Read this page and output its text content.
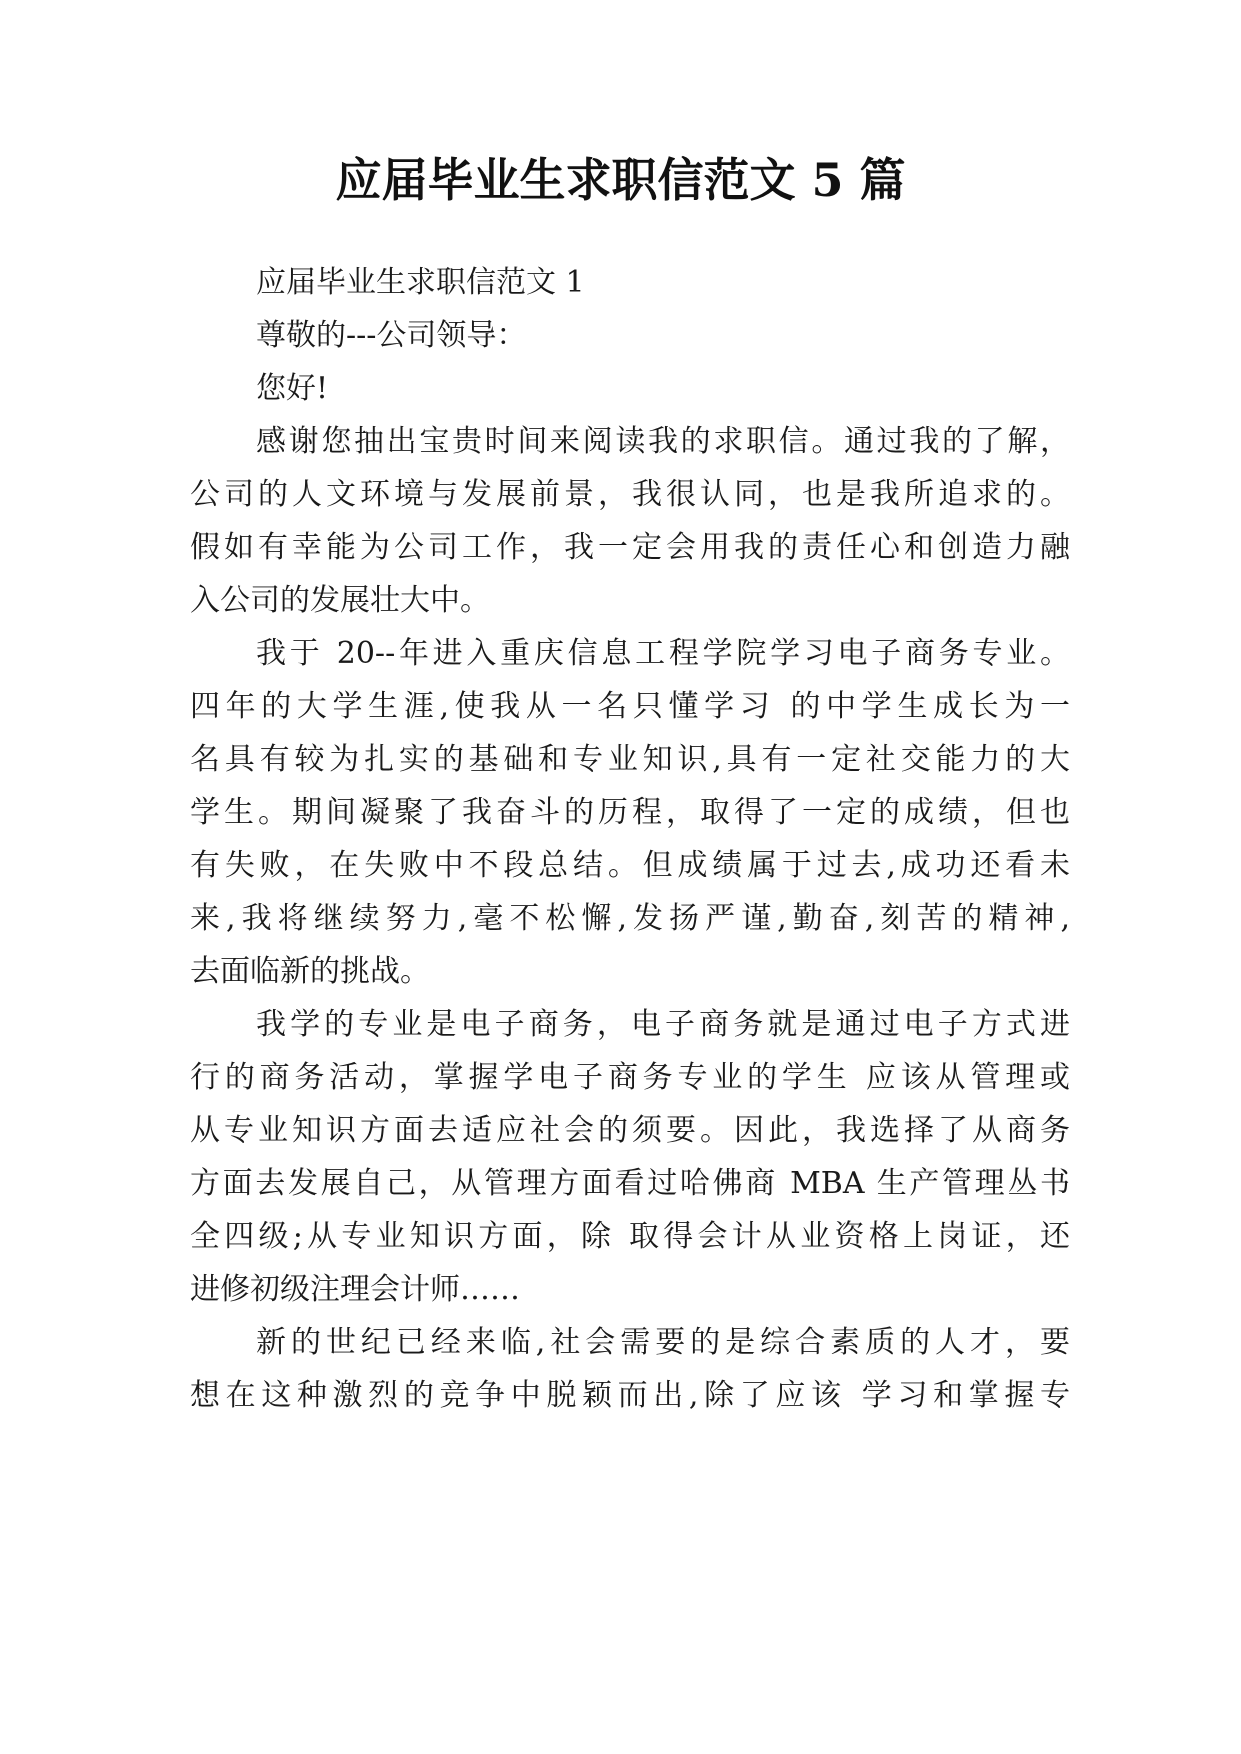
应届毕业生求职信范文 5 篇

应届毕业生求职信范文 1

尊敬的---公司领导：

您好!

感谢您抽出宝贵时间来阅读我的求职信。通过我的了解，

公司的人文环境与发展前景，我很认同，也是我所追求的。

假如有幸能为公司工作，我一定会用我的责任心和创造力融

入公司的发展壮大中。

我于 20--年进入重庆信息工程学院学习电子商务专业。

四年的大学生涯,使我从一名只懂学习 的中学生成长为一

名具有较为扎实的基础和专业知识,具有一定社交能力的大

学生。期间凝聚了我奋斗的历程，取得了一定的成绩，但也

有失败，在失败中不段总结。但成绩属于过去,成功还看未

来,我将继续努力,毫不松懈,发扬严谨,勤奋,刻苦的精神,

去面临新的挑战。

我学的专业是电子商务，电子商务就是通过电子方式进

行的商务活动，掌握学电子商务专业的学生 应该从管理或

从专业知识方面去适应社会的须要。因此，我选择了从商务

方面去发展自己，从管理方面看过哈佛商 MBA 生产管理丛书

全四级;从专业知识方面，除 取得会计从业资格上岗证，还

进修初级注理会计师……

新的世纪已经来临,社会需要的是综合素质的人才，要

想在这种激烈的竞争中脱颖而出,除了应该 学习和掌握专
